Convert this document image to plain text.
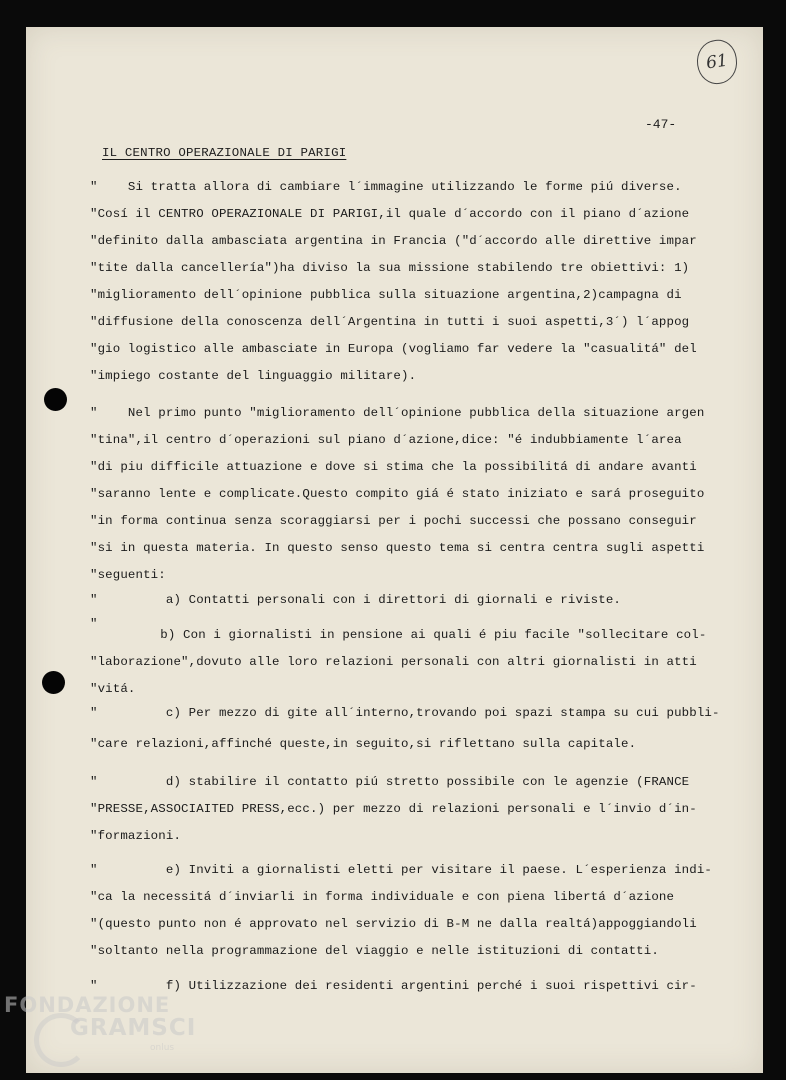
61
-47-
IL CENTRO OPERAZIONALE DI PARIGI
"    Si tratta allora di cambiare l´immagine utilizzando le forme piú diverse.
"Cosí il CENTRO OPERAZIONALE DI PARIGI,il quale d´accordo con il piano d´azione
"definito dalla ambasciata argentina in Francia ("d´accordo alle direttive impar
"tite dalla cancellería")ha diviso la sua missione stabilendo tre obiettivi: 1)
"miglioramento dell´opinione pubblica sulla situazione argentina,2)campagna di
"diffusione della conoscenza dell´Argentina in tutti i suoi aspetti,3´) l´appog
"gio logistico alle ambasciate in Europa (vogliamo far vedere la "casualitá" del
"impiego costante del linguaggio militare).
"    Nel primo punto "miglioramento dell´opinione pubblica della situazione argen
"tina",il centro d´operazioni sul piano d´azione,dice: "é indubbiamente l´area
"di piu difficile attuazione e dove si stima che la possibilitá di andare avanti
"saranno lente e complicate.Questo compito giá é stato iniziato e sará proseguito
"in forma continua senza scoraggiarsi per i pochi successi che possano conseguir
"si in questa materia. In questo senso questo tema si centra centra sugli aspetti
"seguenti:
"         a) Contatti personali con i direttori di giornali e riviste.
b) Con i giornalisti in pensione ai quali é piu facile "sollecitare col-
"laborazione",dovuto alle loro relazioni personali con altri giornalisti in atti
"vitá.
"         c) Per mezzo di gite all´interno,trovando poi spazi stampa su cui pubbli-
"care relazioni,affinché queste,in seguito,si riflettano sulla capitale.
"         d) stabilire il contatto piú stretto possibile con le agenzie (FRANCE
"PRESSE,ASSOCIAITED PRESS,ecc.) per mezzo di relazioni personali e l´invio d´in-
"formazioni.
"         e) Inviti a giornalisti eletti per visitare il paese. L´esperienza indi-
"ca la necessitá d´inviarli in forma individuale e con piena libertá d´azione
"(questo punto non é approvato nel servizio di B-M ne dalla realtá)appoggiandoli
"soltanto nella programmazione del viaggio e nelle istituzioni di contatti.
"         f) Utilizzazione dei residenti argentini perché i suoi rispettivi cir-
"
FONDAZIONE
GRAMSCI
onlus
